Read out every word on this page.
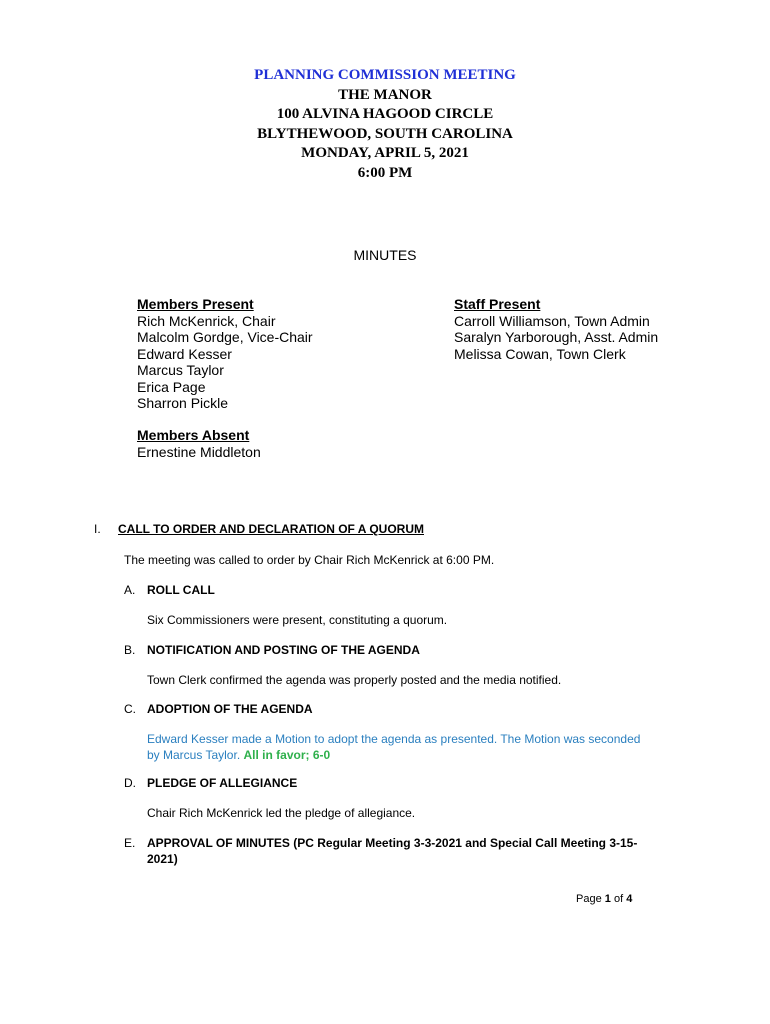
PLANNING COMMISSION MEETING
THE MANOR
100 ALVINA HAGOOD CIRCLE
BLYTHEWOOD, SOUTH CAROLINA
MONDAY, APRIL 5, 2021
6:00 PM
MINUTES
Members Present
Rich McKenrick, Chair
Malcolm Gordge, Vice-Chair
Edward Kesser
Marcus Taylor
Erica Page
Sharron Pickle
Staff Present
Carroll Williamson, Town Admin
Saralyn Yarborough, Asst. Admin
Melissa Cowan, Town Clerk
Members Absent
Ernestine Middleton
I. CALL TO ORDER AND DECLARATION OF A QUORUM
The meeting was called to order by Chair Rich McKenrick at 6:00 PM.
A. ROLL CALL
Six Commissioners were present, constituting a quorum.
B. NOTIFICATION AND POSTING OF THE AGENDA
Town Clerk confirmed the agenda was properly posted and the media notified.
C. ADOPTION OF THE AGENDA
Edward Kesser made a Motion to adopt the agenda as presented. The Motion was seconded
by Marcus Taylor. All in favor; 6-0
D. PLEDGE OF ALLEGIANCE
Chair Rich McKenrick led the pledge of allegiance.
E. APPROVAL OF MINUTES (PC Regular Meeting 3-3-2021 and Special Call Meeting 3-15-
2021)
Page 1 of 4
